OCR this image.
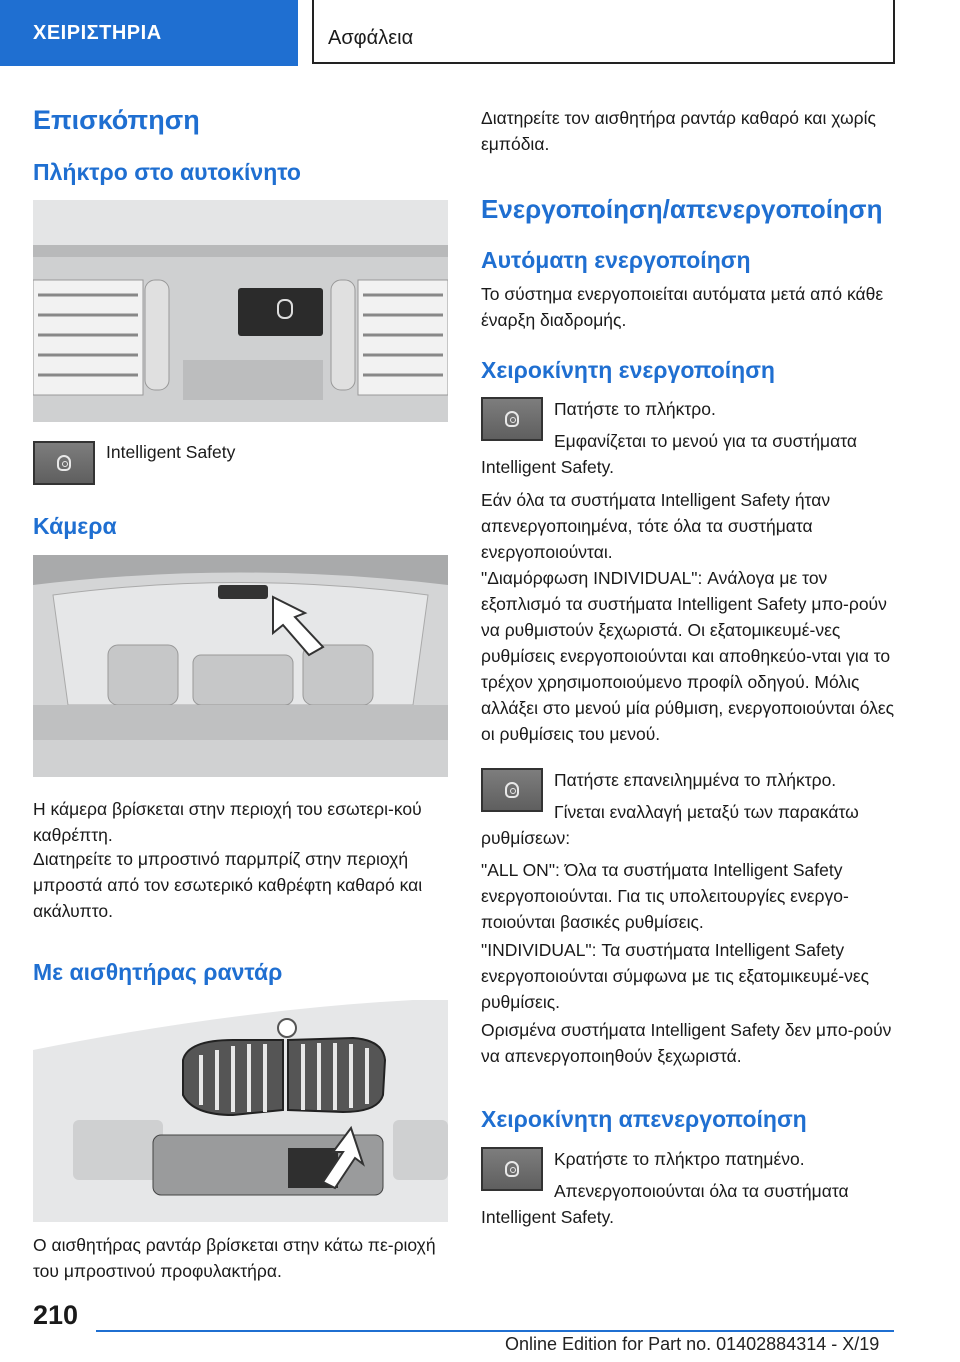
ΧΕΙΡΙΣΤΗΡΙΑ	Ασφάλεια
Επισκόπηση
Πλήκτρο στο αυτοκίνητο

Intelligent Safety

Κάμερα

Η κάμερα βρίσκεται στην περιοχή του εσωτερι-κού καθρέπτη.

Διατηρείτε το μπροστινό παρμπρίζ στην περιοχή μπροστά από τον εσωτερικό καθρέφτη καθαρό και ακάλυπτο.

Με αισθητήρας ραντάρ

Ο αισθητήρας ραντάρ βρίσκεται στην κάτω πε-ριοχή του μπροστινού προφυλακτήρα.

Διατηρείτε τον αισθητήρα ραντάρ καθαρό και χωρίς εμπόδια.

Ενεργοποίηση/απενεργοποίηση
Αυτόματη ενεργοποίηση

Το σύστημα ενεργοποιείται αυτόματα μετά από κάθε έναρξη διαδρομής.

Χειροκίνητη ενεργοποίηση

Πατήστε το πλήκτρο.

Εμφανίζεται το μενού για τα συστήματα Intelligent Safety.

Εάν όλα τα συστήματα Intelligent Safety ήταν απενεργοποιημένα, τότε όλα τα συστήματα ενεργοποιούνται.

"Διαμόρφωση INDIVIDUAL": Ανάλογα με τον εξοπλισμό τα συστήματα Intelligent Safety μπο-ρούν να ρυθμιστούν ξεχωριστά. Οι εξατομικευμέ-νες ρυθμίσεις ενεργοποιούνται και αποθηκεύο-νται για το τρέχον χρησιμοποιούμενο προφίλ οδηγού. Μόλις αλλάξει στο μενού μία ρύθμιση, ενεργοποιούνται όλες οι ρυθμίσεις του μενού.

Πατήστε επανειλημμένα το πλήκτρο.

Γίνεται εναλλαγή μεταξύ των παρακάτω ρυθμίσεων:

"ALL ON": Όλα τα συστήματα Intelligent Safety ενεργοποιούνται. Για τις υπολειτουργίες ενεργο-ποιούνται βασικές ρυθμίσεις.

"INDIVIDUAL": Τα συστήματα Intelligent Safety ενεργοποιούνται σύμφωνα με τις εξατομικευμέ-νες ρυθμίσεις.

Ορισμένα συστήματα Intelligent Safety δεν μπο-ρούν να απενεργοποιηθούν ξεχωριστά.

Χειροκίνητη απενεργοποίηση

Κρατήστε το πλήκτρο πατημένο.

Απενεργοποιούνται όλα τα συστήματα Intelligent Safety.

210
Online Edition for Part no. 01402884314 - X/19
